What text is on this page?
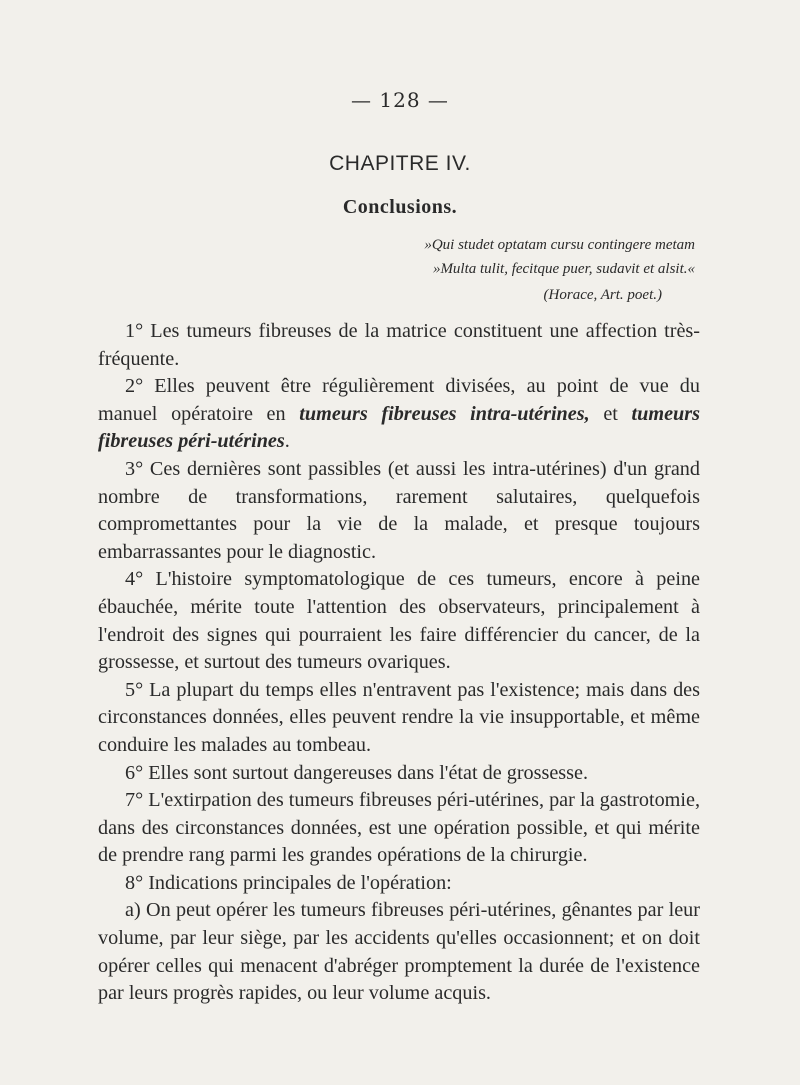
— 128 —
CHAPITRE IV.
Conclusions.
»Qui studet optatam cursu contingere metam
»Multa tulit, fecitque puer, sudavit et alsit.«
(Horace, Art. poet.)

1° Les tumeurs fibreuses de la matrice constituent une affection très-fréquente.

2° Elles peuvent être régulièrement divisées, au point de vue du manuel opératoire en tumeurs fibreuses intra-utérines, et tumeurs fibreuses péri-utérines.

3° Ces dernières sont passibles (et aussi les intra-utérines) d'un grand nombre de transformations, rarement salutaires, quelquefois compromettantes pour la vie de la malade, et presque toujours embarrassantes pour le diagnostic.

4° L'histoire symptomatologique de ces tumeurs, encore à peine ébauchée, mérite toute l'attention des observateurs, principalement à l'endroit des signes qui pourraient les faire différencier du cancer, de la grossesse, et surtout des tumeurs ovariques.

5° La plupart du temps elles n'entravent pas l'existence; mais dans des circonstances données, elles peuvent rendre la vie insupportable, et même conduire les malades au tombeau.

6° Elles sont surtout dangereuses dans l'état de grossesse.

7° L'extirpation des tumeurs fibreuses péri-utérines, par la gastrotomie, dans des circonstances données, est une opération possible, et qui mérite de prendre rang parmi les grandes opérations de la chirurgie.

8° Indications principales de l'opération:

a) On peut opérer les tumeurs fibreuses péri-utérines, gênantes par leur volume, par leur siège, par les accidents qu'elles occasionnent; et on doit opérer celles qui menacent d'abréger promptement la durée de l'existence par leurs progrès rapides, ou leur volume acquis.
